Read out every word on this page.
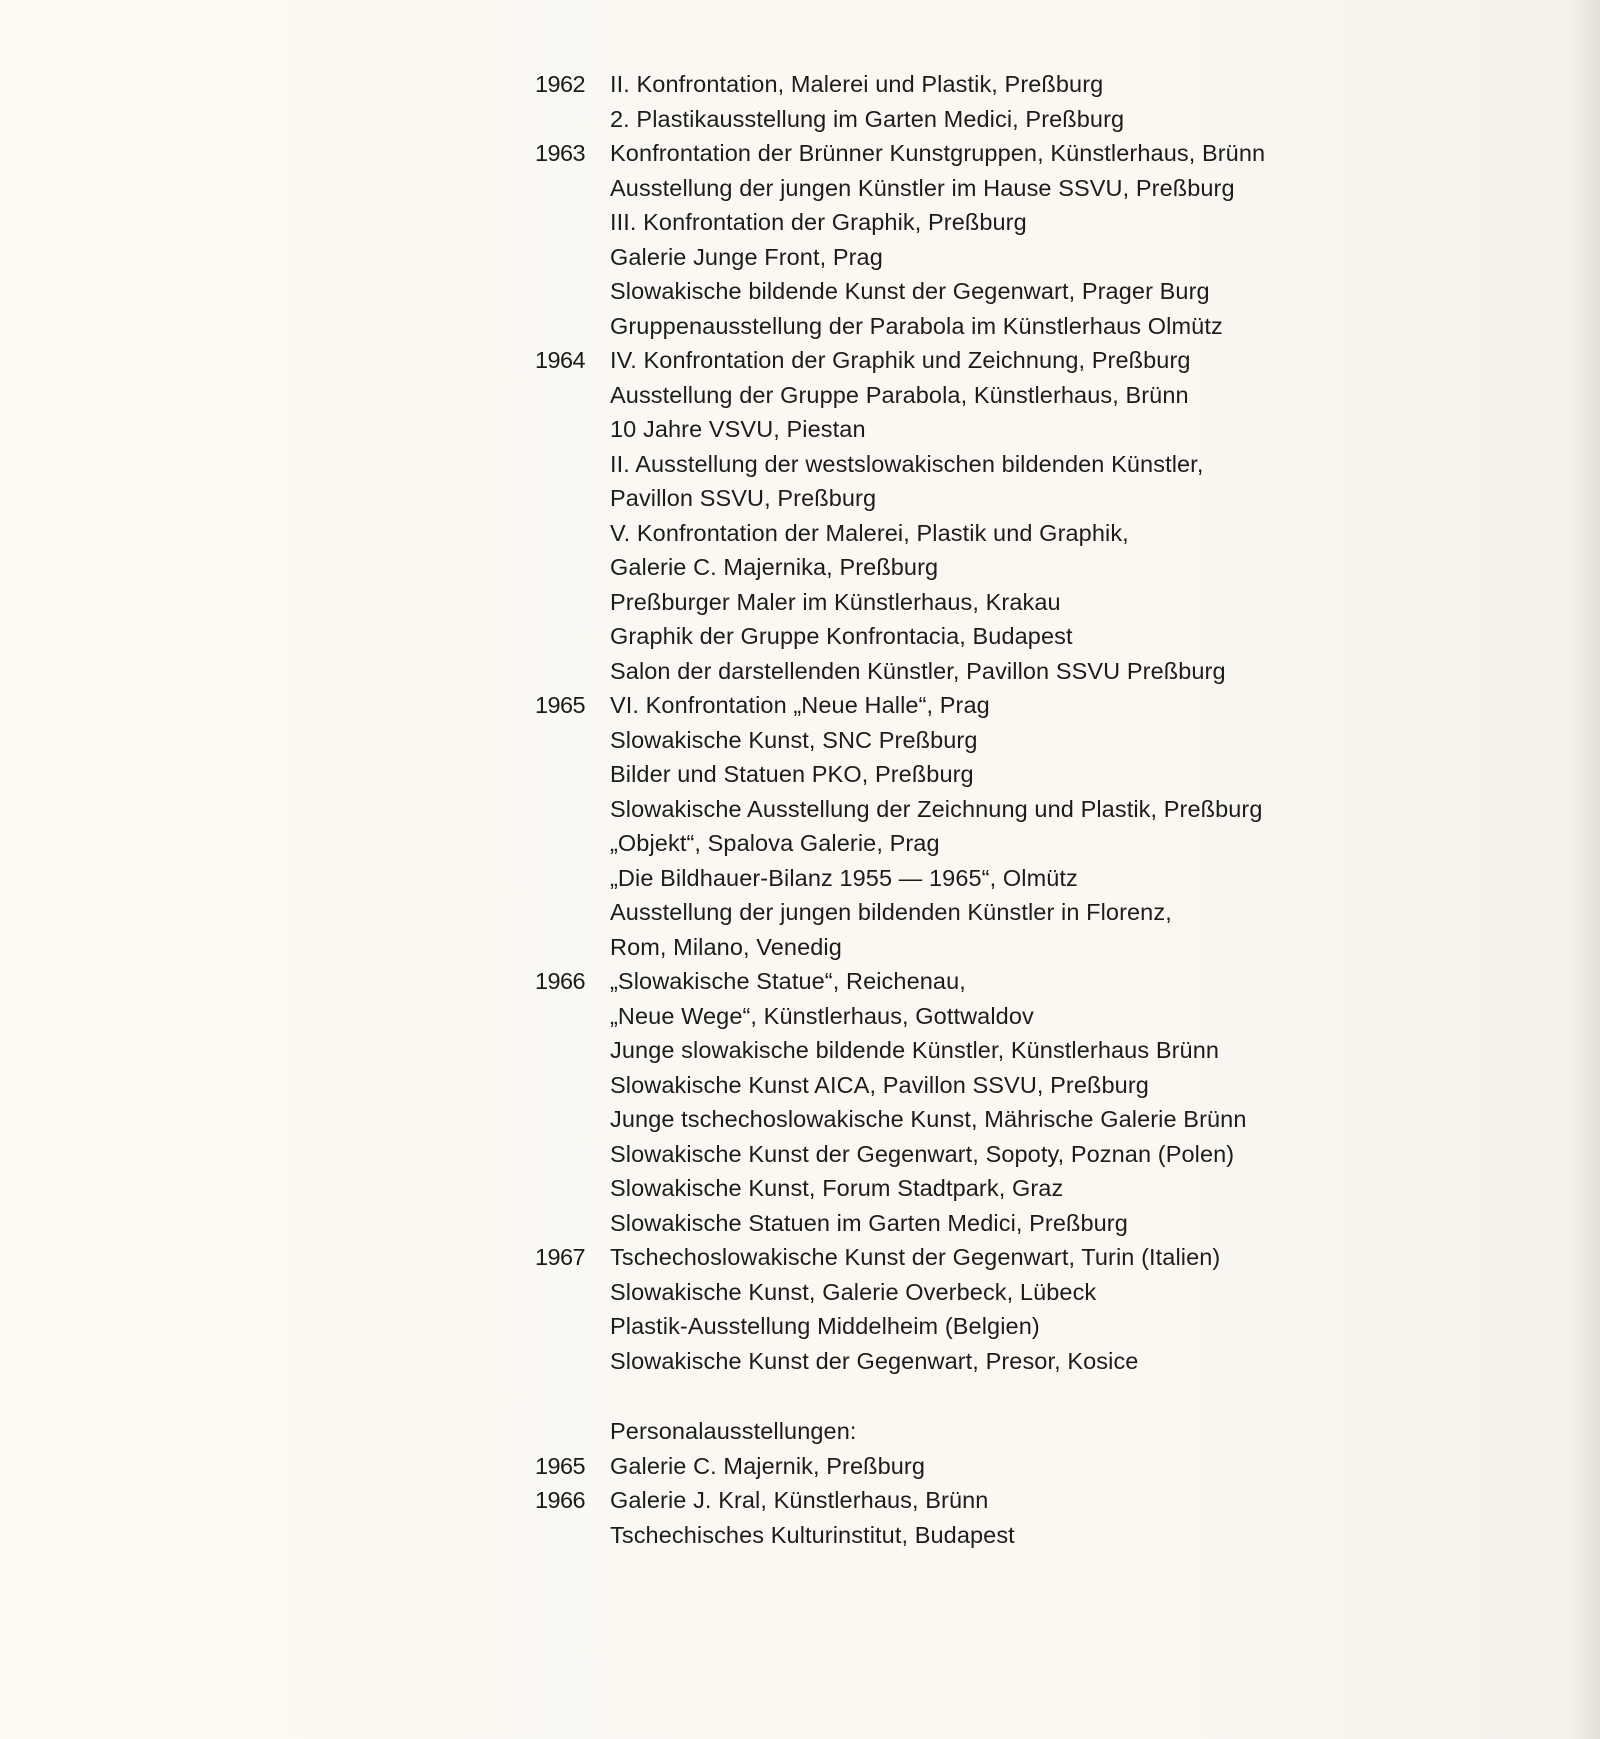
1962	II. Konfrontation, Malerei und Plastik, Preßburg
2. Plastikausstellung im Garten Medici, Preßburg
1963	Konfrontation der Brünner Kunstgruppen, Künstlerhaus, Brünn
Ausstellung der jungen Künstler im Hause SSVU, Preßburg
III. Konfrontation der Graphik, Preßburg
Galerie Junge Front, Prag
Slowakische bildende Kunst der Gegenwart, Prager Burg
Gruppenausstellung der Parabola im Künstlerhaus Olmütz
1964	IV. Konfrontation der Graphik und Zeichnung, Preßburg
Ausstellung der Gruppe Parabola, Künstlerhaus, Brünn
10 Jahre VSVU, Piestan
II. Ausstellung der westslowakischen bildenden Künstler,
Pavillon SSVU, Preßburg
V. Konfrontation der Malerei, Plastik und Graphik,
Galerie C. Majernika, Preßburg
Preßburger Maler im Künstlerhaus, Krakau
Graphik der Gruppe Konfrontacia, Budapest
Salon der darstellenden Künstler, Pavillon SSVU Preßburg
1965	VI. Konfrontation „Neue Halle“, Prag
Slowakische Kunst, SNC Preßburg
Bilder und Statuen PKO, Preßburg
Slowakische Ausstellung der Zeichnung und Plastik, Preßburg
„Objekt“, Spalova Galerie, Prag
„Die Bildhauer-Bilanz 1955 — 1965“, Olmütz
Ausstellung der jungen bildenden Künstler in Florenz,
Rom, Milano, Venedig
1966	„Slowakische Statue“, Reichenau,
„Neue Wege“, Künstlerhaus, Gottwaldov
Junge slowakische bildende Künstler, Künstlerhaus Brünn
Slowakische Kunst AICA, Pavillon SSVU, Preßburg
Junge tschechoslowakische Kunst, Mährische Galerie Brünn
Slowakische Kunst der Gegenwart, Sopoty, Poznan (Polen)
Slowakische Kunst, Forum Stadtpark, Graz
Slowakische Statuen im Garten Medici, Preßburg
1967	Tschechoslowakische Kunst der Gegenwart, Turin (Italien)
Slowakische Kunst, Galerie Overbeck, Lübeck
Plastik-Ausstellung Middelheim (Belgien)
Slowakische Kunst der Gegenwart, Presor, Kosice
Personalausstellungen:
1965	Galerie C. Majernik, Preßburg
1966	Galerie J. Kral, Künstlerhaus, Brünn
Tschechisches Kulturinstitut, Budapest
